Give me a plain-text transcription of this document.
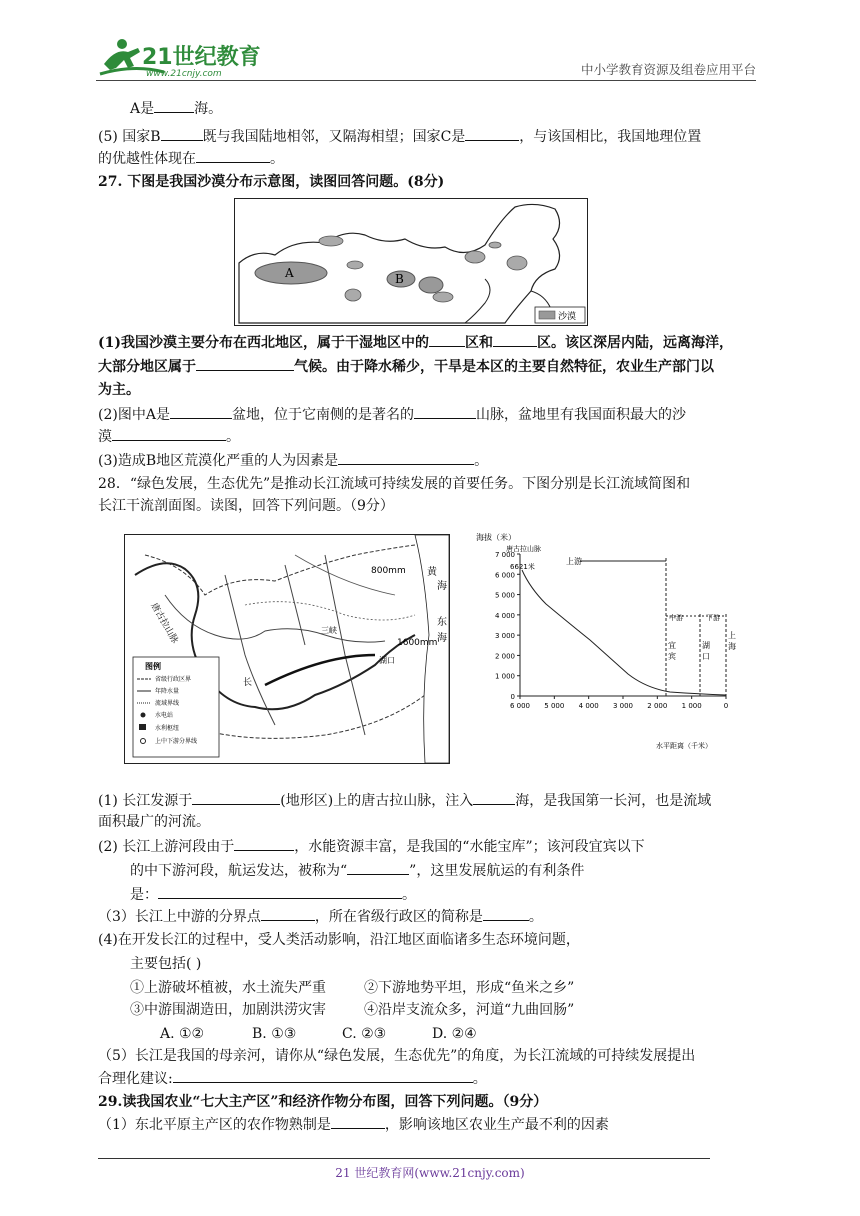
21世纪教育
www.21cnjy.com	中小学教育资源及组卷应用平台
A是	海。
(5) 国家B	既与我国陆地相邻，又隔海相望；国家C是	，与该国相比，我国地理位置
的优越性体现在	。
27. 下图是我国沙漠分布示意图，读图回答问题。(8分)
A	B
沙漠
(1)我国沙漠主要分布在西北地区，属于干湿地区中的	区和	区。该区深居内陆，远离海洋，
大部分地区属于	气候。由于降水稀少，干旱是本区的主要自然特征，农业生产部门以
为主。
(2)图中A是	盆地，位于它南侧的是著名的	山脉，盆地里有我国面积最大的沙
漠	。
(3)造成B地区荒漠化严重的人为因素是	。
28．“绿色发展，生态优先”是推动长江流域可持续发展的首要任务。下图分别是长江流域简图和
长江干流剖面图。读图，回答下列问题。（9分）
唐古拉山脉
800mm
1600mm
黄
海
东
海
湖口
三峡
长
图例
省级行政区界
年降水量
流域界线
水电站
水利枢纽
上中下游分界线
海拔（米）
唐古拉山脉
6621米
上游
中游	下游
水平距离（千米）
7 000
6 000
5 000
4 000
3 000
2 000
1 000
0
6 000 5 000 4 000 3 000 2 000 1 000	0
宜
宾
湖
口
上
海
(1) 长江发源于	(地形区)上的唐古拉山脉，注入	海，是我国第一长河，也是流域
面积最广的河流。
(2) 长江上游河段由于	，水能资源丰富，是我国的“水能宝库”；该河段宜宾以下
的中下游河段，航运发达，被称为“	”，这里发展航运的有利条件
是：	。
（3）长江上中游的分界点	，所在省级行政区的简称是	。
(4)在开发长江的过程中，受人类活动影响，沿江地区面临诸多生态环境问题，
主要包括( )
①上游破坏植被，水土流失严重	②下游地势平坦，形成“鱼米之乡”
③中游围湖造田，加剧洪涝灾害	④沿岸支流众多，河道“九曲回肠”
A. ①②	B. ①③	C. ②③	D. ②④
（5）长江是我国的母亲河，请你从“绿色发展，生态优先”的角度，为长江流域的可持续发展提出
合理化建议:	。
29.读我国农业“七大主产区”和经济作物分布图，回答下列问题。（9分）
（1）东北平原主产区的农作物熟制是	，影响该地区农业生产最不利的因素
21 世纪教育网(www.21cnjy.com)
